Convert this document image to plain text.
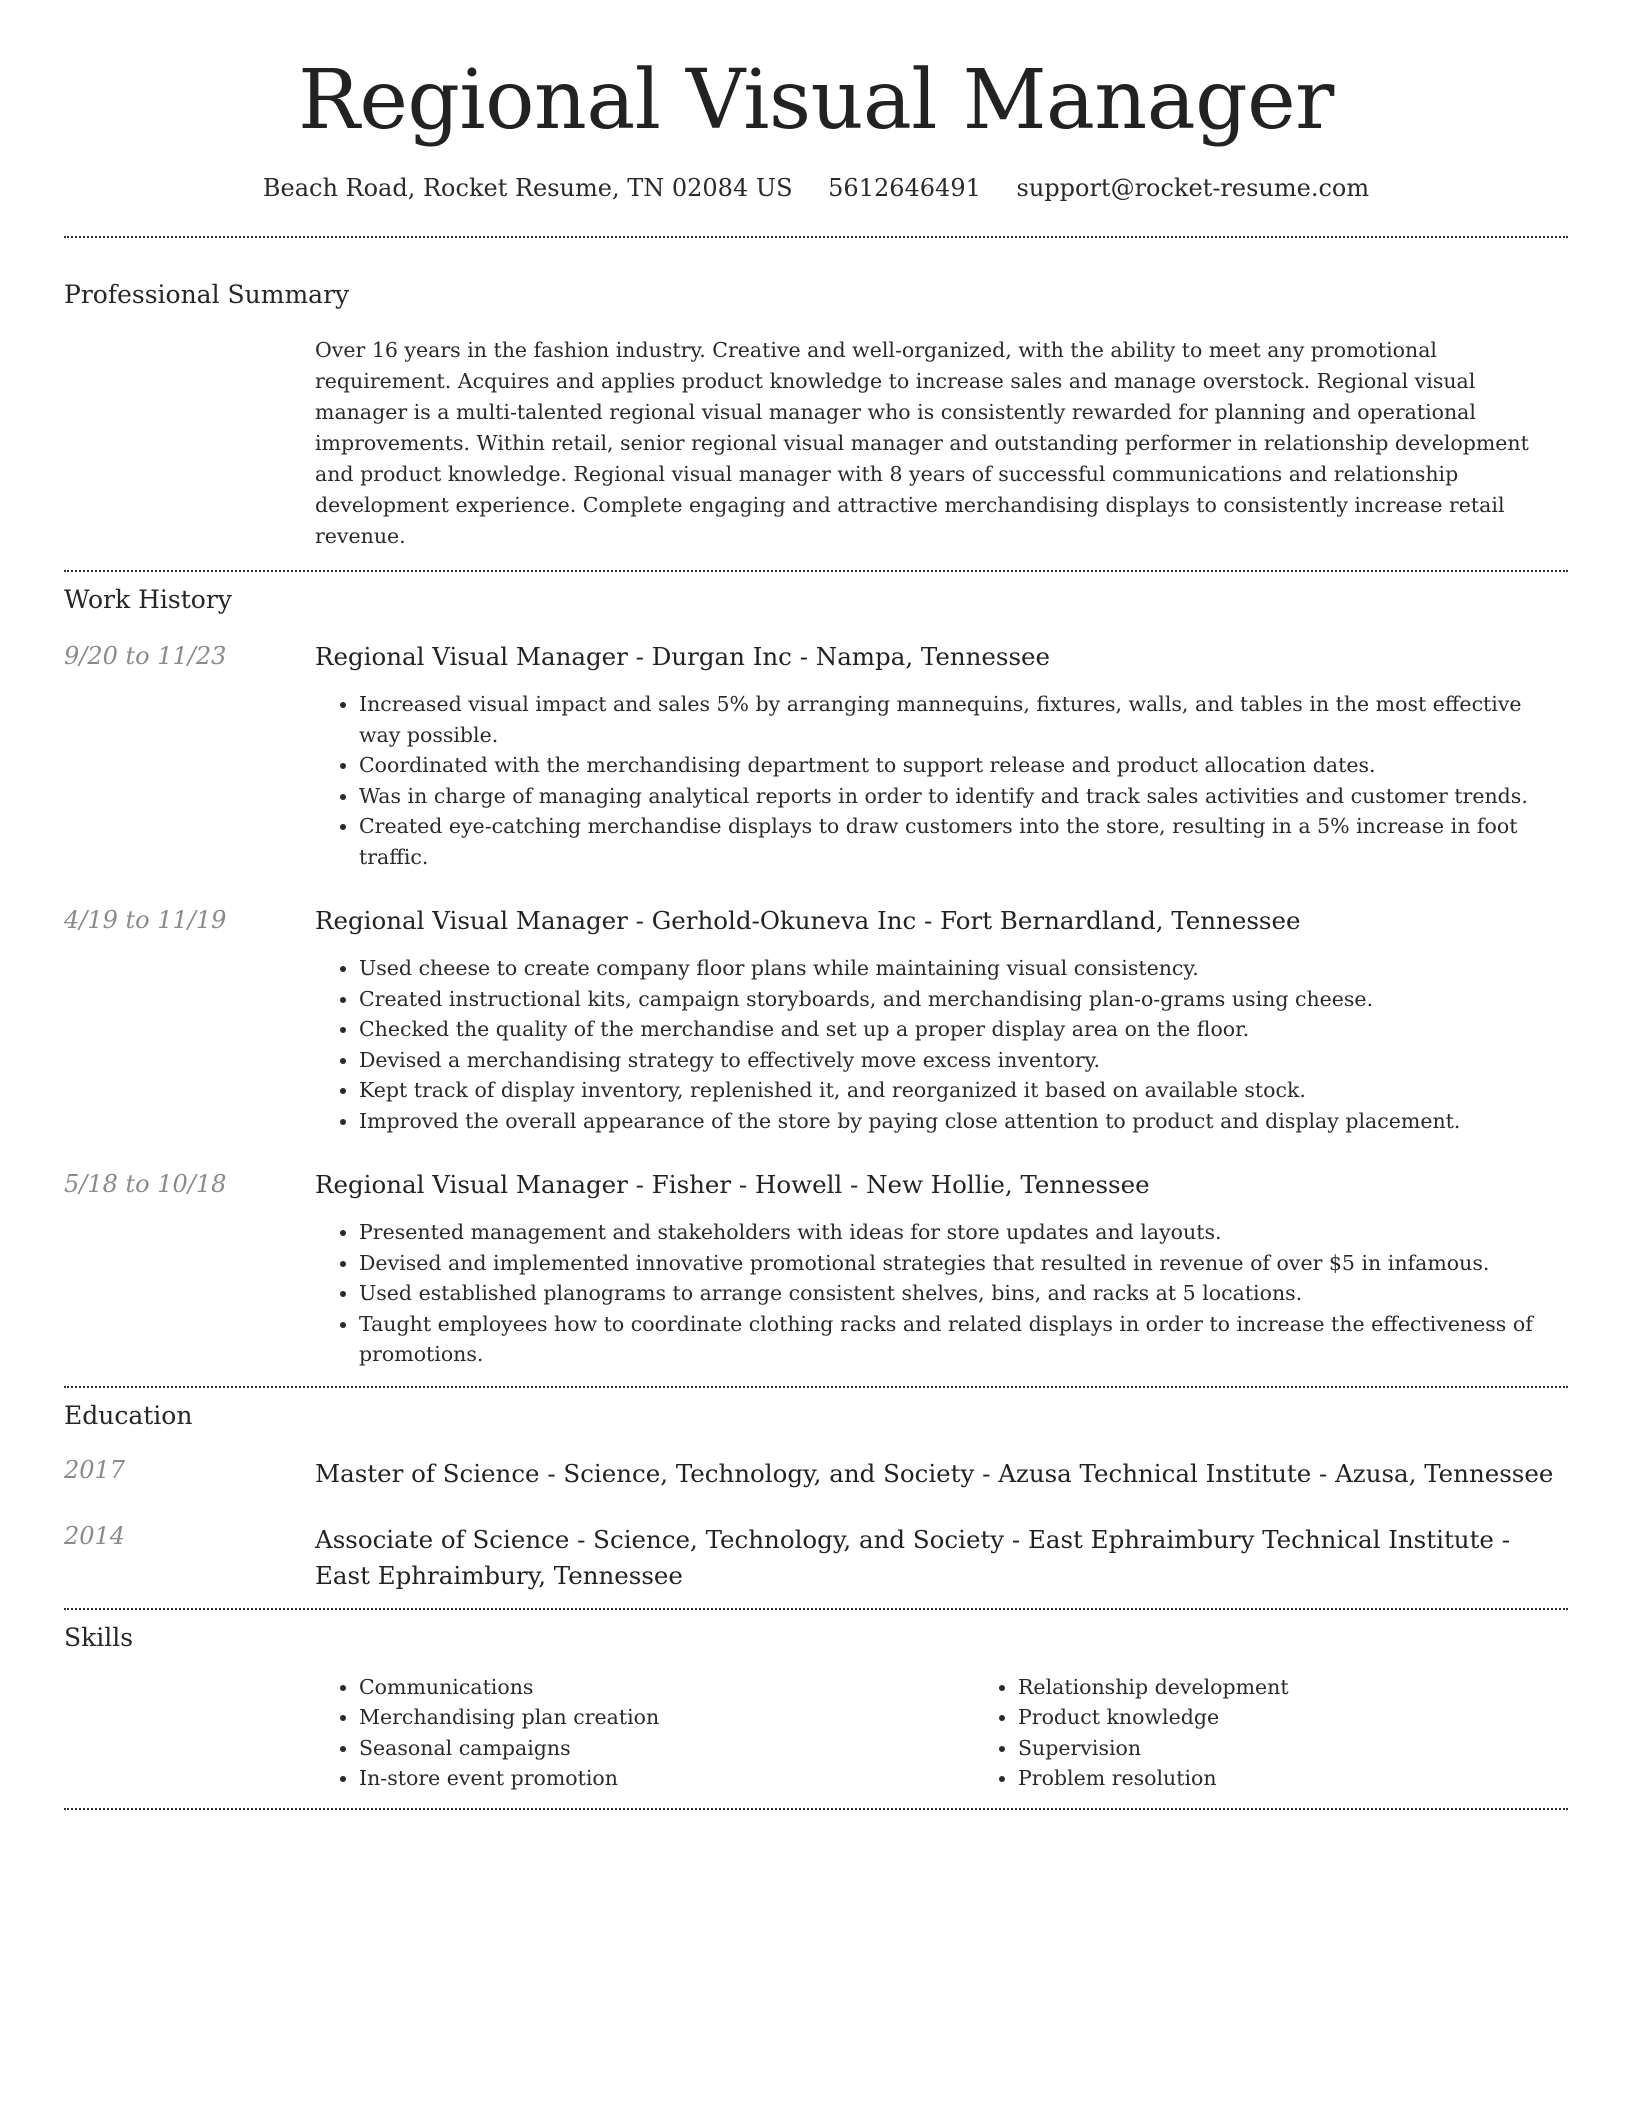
Regional Visual Manager
Beach Road, Rocket Resume, TN 02084 US 5612646491 support@rocket-resume.com
Professional Summary

Over 16 years in the fashion industry. Creative and well-organized, with the ability to meet any promotional requirement. Acquires and applies product knowledge to increase sales and manage overstock. Regional visual manager is a multi-talented regional visual manager who is consistently rewarded for planning and operational improvements. Within retail, senior regional visual manager and outstanding performer in relationship development and product knowledge. Regional visual manager with 8 years of successful communications and relationship development experience. Complete engaging and attractive merchandising displays to consistently increase retail revenue.

Work History
9/20 to 11/23	Regional Visual Manager - Durgan Inc - Nampa, Tennessee
• Increased visual impact and sales 5% by arranging mannequins, fixtures, walls, and tables in the most effective way possible.
• Coordinated with the merchandising department to support release and product allocation dates.
• Was in charge of managing analytical reports in order to identify and track sales activities and customer trends.
• Created eye-catching merchandise displays to draw customers into the store, resulting in a 5% increase in foot traffic.
4/19 to 11/19	Regional Visual Manager - Gerhold-Okuneva Inc - Fort Bernardland, Tennessee
• Used cheese to create company floor plans while maintaining visual consistency.
• Created instructional kits, campaign storyboards, and merchandising plan-o-grams using cheese.
• Checked the quality of the merchandise and set up a proper display area on the floor.
• Devised a merchandising strategy to effectively move excess inventory.
• Kept track of display inventory, replenished it, and reorganized it based on available stock.
• Improved the overall appearance of the store by paying close attention to product and display placement.
5/18 to 10/18	Regional Visual Manager - Fisher - Howell - New Hollie, Tennessee
• Presented management and stakeholders with ideas for store updates and layouts.
• Devised and implemented innovative promotional strategies that resulted in revenue of over $5 in infamous.
• Used established planograms to arrange consistent shelves, bins, and racks at 5 locations.
• Taught employees how to coordinate clothing racks and related displays in order to increase the effectiveness of promotions.
Education
2017	Master of Science - Science, Technology, and Society - Azusa Technical Institute - Azusa, Tennessee
2014	Associate of Science - Science, Technology, and Society - East Ephraimbury Technical Institute - East Ephraimbury, Tennessee
Skills
• Communications
• Merchandising plan creation
• Seasonal campaigns
• In-store event promotion
• Relationship development
• Product knowledge
• Supervision
• Problem resolution
